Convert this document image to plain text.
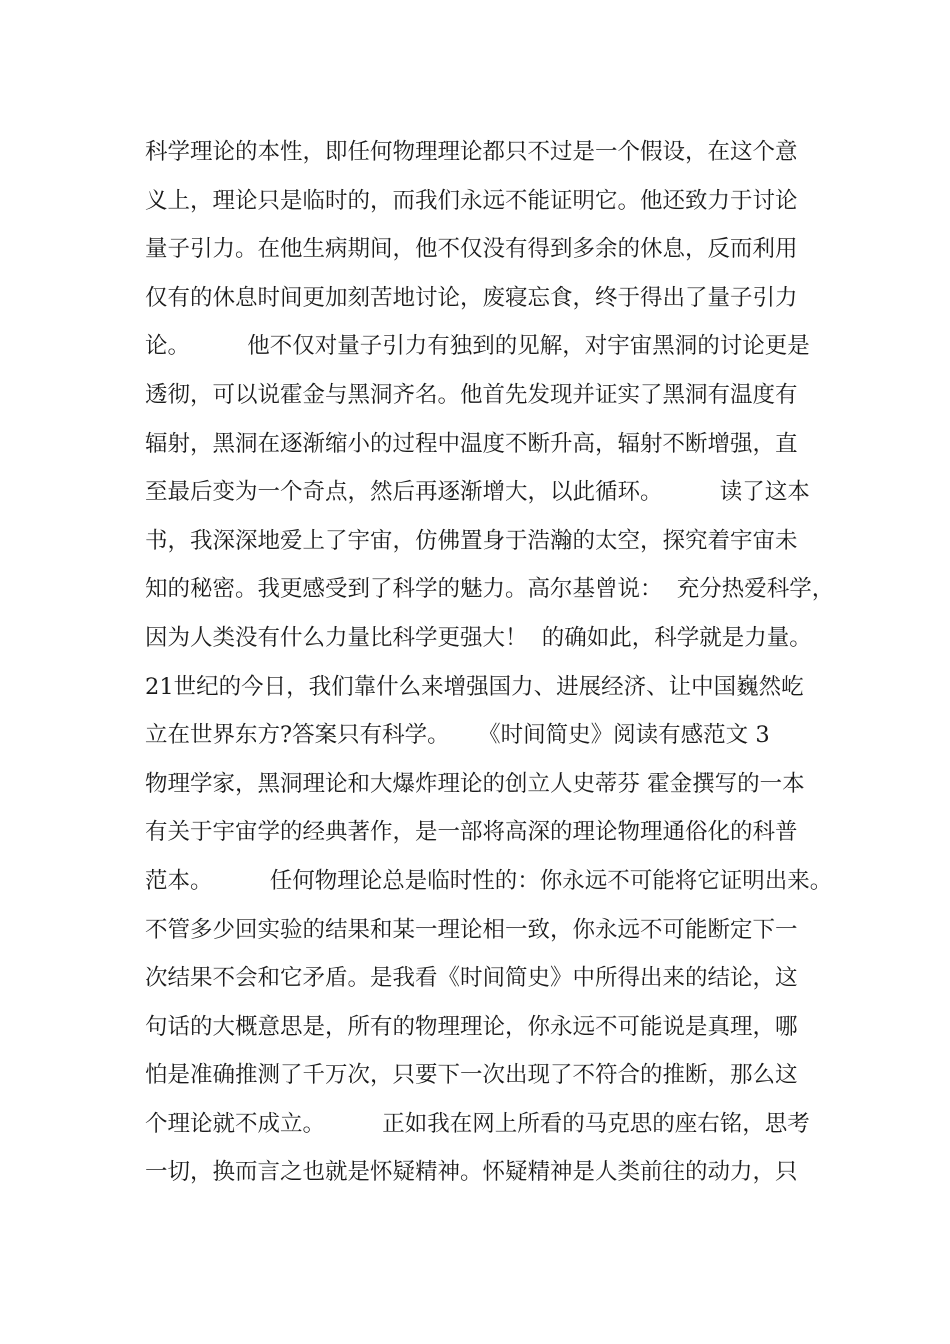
科学理论的本性，即任何物理理论都只不过是一个假设，在这个意
义上，理论只是临时的，而我们永远不能证明它。他还致力于讨论
量子引力。在他生病期间，他不仅没有得到多余的休息，反而利用
仅有的休息时间更加刻苦地讨论，废寝忘食，终于得出了量子引力
论。        他不仅对量子引力有独到的见解，对宇宙黑洞的讨论更是
透彻，可以说霍金与黑洞齐名。他首先发现并证实了黑洞有温度有
辐射，黑洞在逐渐缩小的过程中温度不断升高，辐射不断增强，直
至最后变为一个奇点，然后再逐渐增大，以此循环。        读了这本
书，我深深地爱上了宇宙，仿佛置身于浩瀚的太空，探究着宇宙未
知的秘密。我更感受到了科学的魅力。高尔基曾说：  充分热爱科学，
因为人类没有什么力量比科学更强大！  的确如此，科学就是力量。
21世纪的今日，我们靠什么来增强国力、进展经济、让中国巍然屹
立在世界东方?答案只有科学。    《时间简史》阅读有感范文 3
物理学家，黑洞理论和大爆炸理论的创立人史蒂芬 霍金撰写的一本
有关于宇宙学的经典著作，是一部将高深的理论物理通俗化的科普
范本。        任何物理论总是临时性的：你永远不可能将它证明出来。
不管多少回实验的结果和某一理论相一致，你永远不可能断定下一
次结果不会和它矛盾。是我看《时间简史》中所得出来的结论，这
句话的大概意思是，所有的物理理论，你永远不可能说是真理，哪
怕是准确推测了千万次，只要下一次出现了不符合的推断，那么这
个理论就不成立。        正如我在网上所看的马克思的座右铭，思考
一切，换而言之也就是怀疑精神。怀疑精神是人类前往的动力，只
